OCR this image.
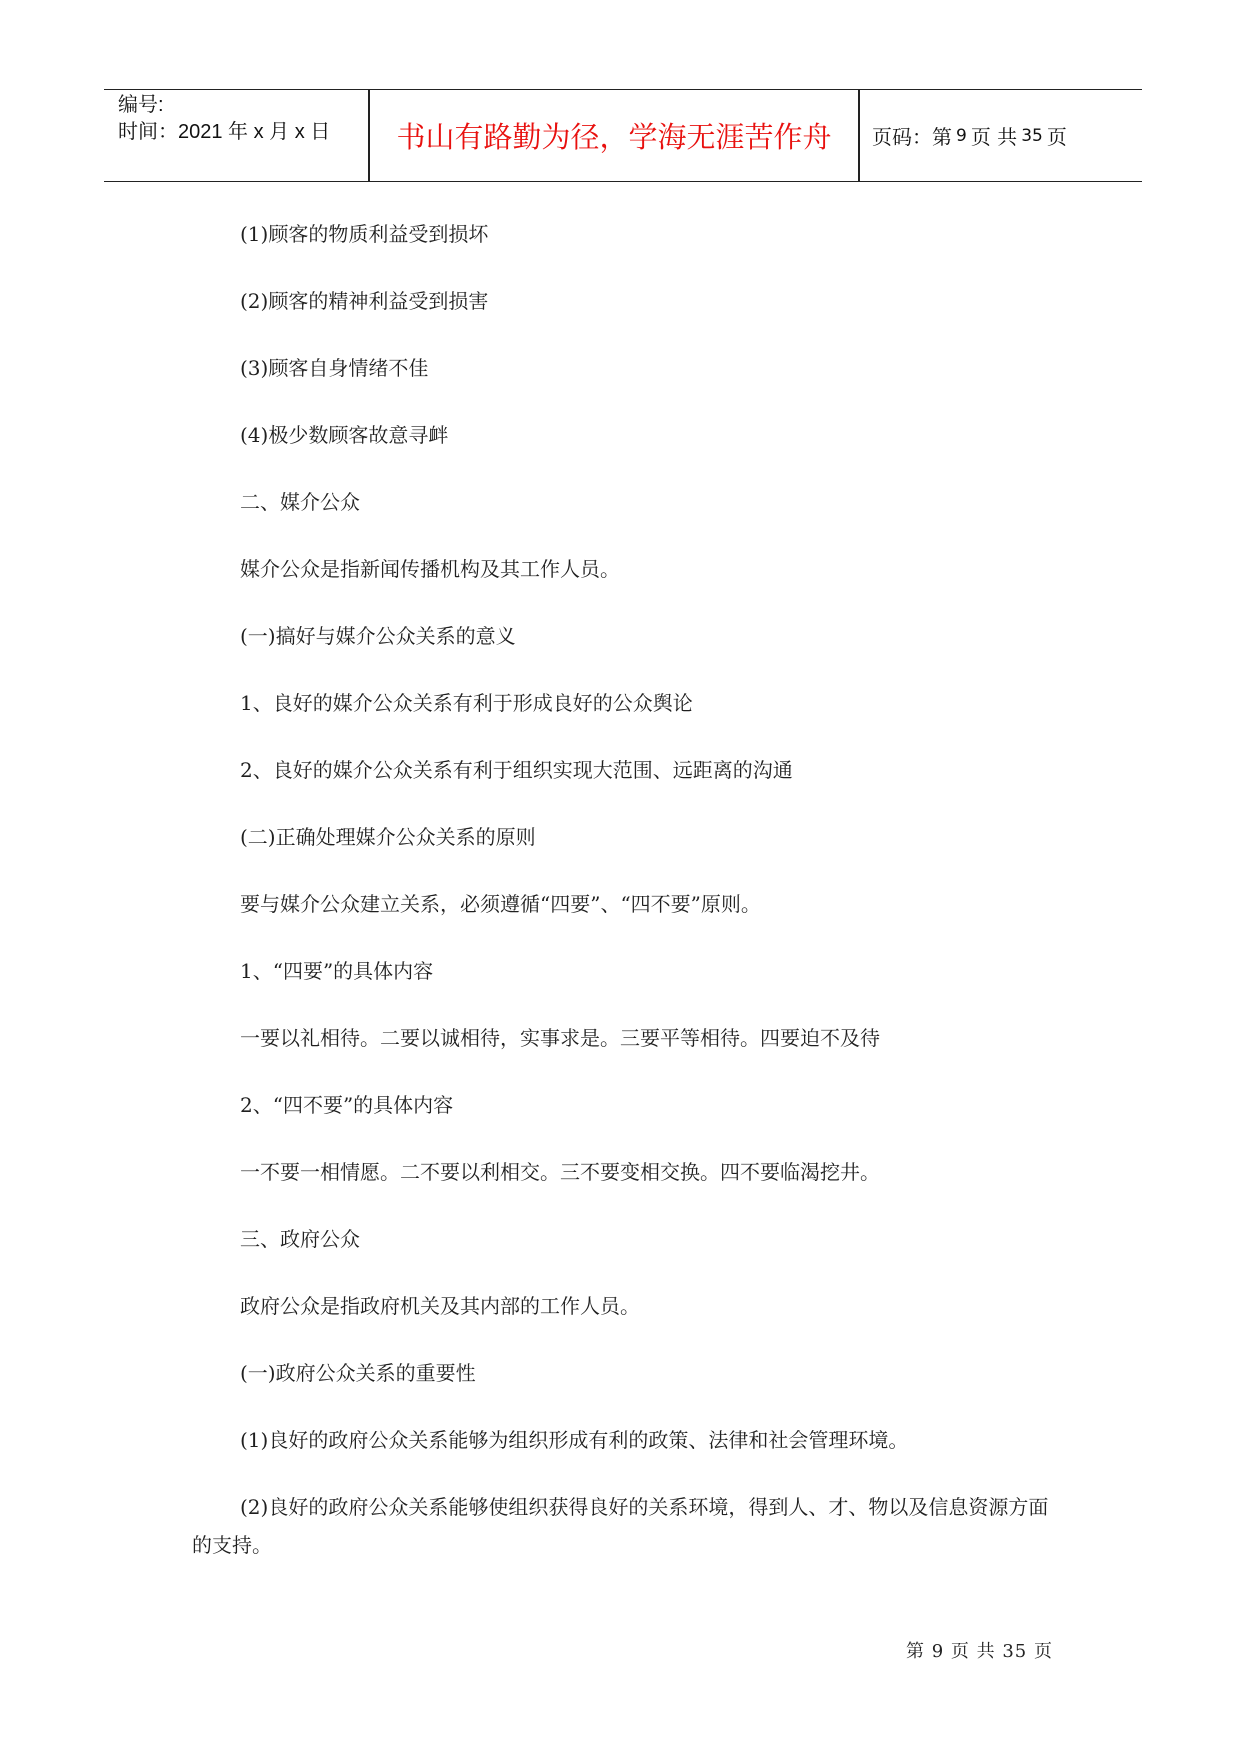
编号:
时间：2021 年 x 月 x 日	书山有路勤为径，学海无涯苦作舟	页码：第 9 页 共 35 页
(1)顾客的物质利益受到损坏
(2)顾客的精神利益受到损害
(3)顾客自身情绪不佳
(4)极少数顾客故意寻衅
二、媒介公众
媒介公众是指新闻传播机构及其工作人员。
(一)搞好与媒介公众关系的意义
1、良好的媒介公众关系有利于形成良好的公众舆论
2、良好的媒介公众关系有利于组织实现大范围、远距离的沟通
(二)正确处理媒介公众关系的原则
要与媒介公众建立关系，必须遵循“四要”、“四不要”原则。
1、“四要”的具体内容
一要以礼相待。二要以诚相待，实事求是。三要平等相待。四要迫不及待
2、“四不要”的具体内容
一不要一相情愿。二不要以利相交。三不要变相交换。四不要临渴挖井。
三、政府公众
政府公众是指政府机关及其内部的工作人员。
(一)政府公众关系的重要性
(1)良好的政府公众关系能够为组织形成有利的政策、法律和社会管理环境。
(2)良好的政府公众关系能够使组织获得良好的关系环境，得到人、才、物以及信息资源方面的支持。
第 9 页 共 35 页
